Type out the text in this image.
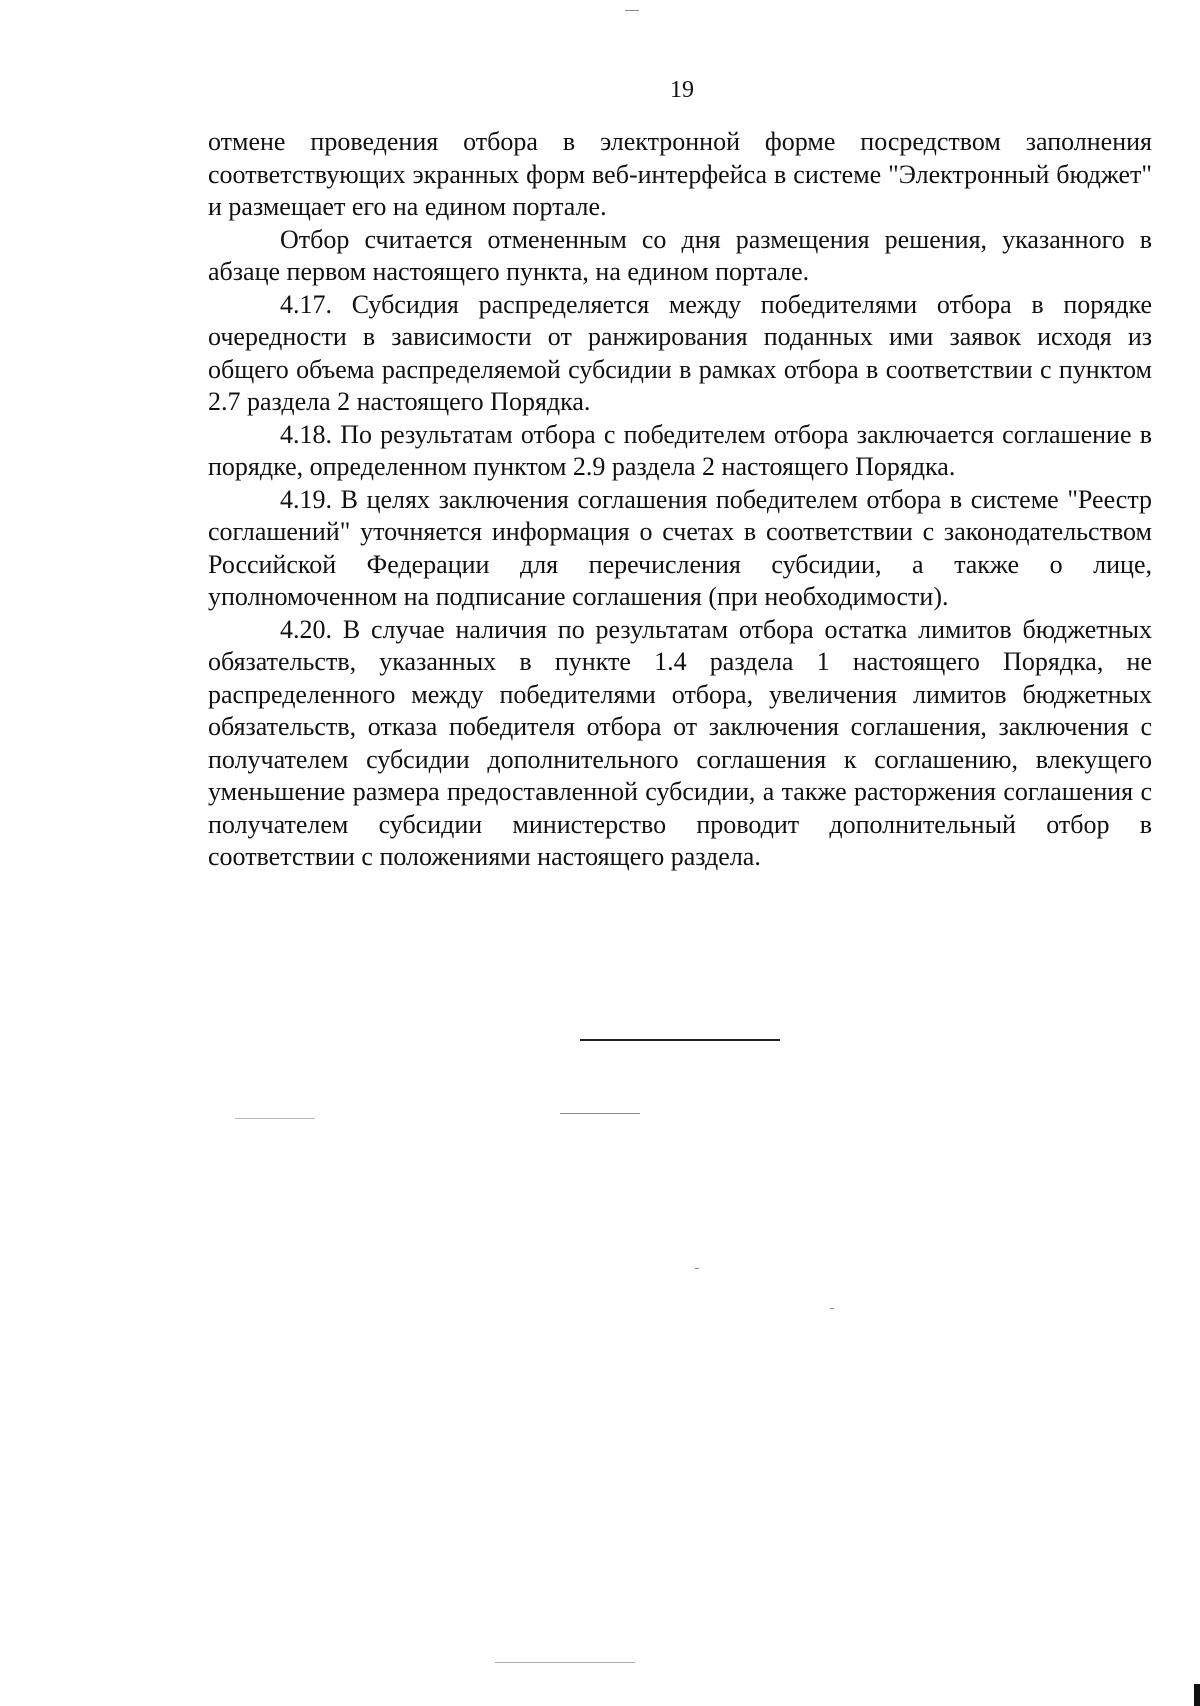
19

отмене проведения отбора в электронной форме посредством заполнения соответствующих экранных форм веб-интерфейса в системе "Электронный бюджет" и размещает его на едином портале.

Отбор считается отмененным со дня размещения решения, указанного в абзаце первом настоящего пункта, на едином портале.

4.17. Субсидия распределяется между победителями отбора в порядке очередности в зависимости от ранжирования поданных ими заявок исходя из общего объема распределяемой субсидии в рамках отбора в соответствии с пунктом 2.7 раздела 2 настоящего Порядка.

4.18. По результатам отбора с победителем отбора заключается соглашение в порядке, определенном пунктом 2.9 раздела 2 настоящего Порядка.

4.19. В целях заключения соглашения победителем отбора в системе "Реестр соглашений" уточняется информация о счетах в соответствии с законодательством Российской Федерации для перечисления субсидии, а также о лице, уполномоченном на подписание соглашения (при необходимости).

4.20. В случае наличия по результатам отбора остатка лимитов бюджетных обязательств, указанных в пункте 1.4 раздела 1 настоящего Порядка, не распределенного между победителями отбора, увеличения лимитов бюджетных обязательств, отказа победителя отбора от заключения соглашения, заключения с получателем субсидии дополнительного соглашения к соглашению, влекущего уменьшение размера предоставленной субсидии, а также расторжения соглашения с получателем субсидии министерство проводит дополнительный отбор в соответствии с положениями настоящего раздела.
